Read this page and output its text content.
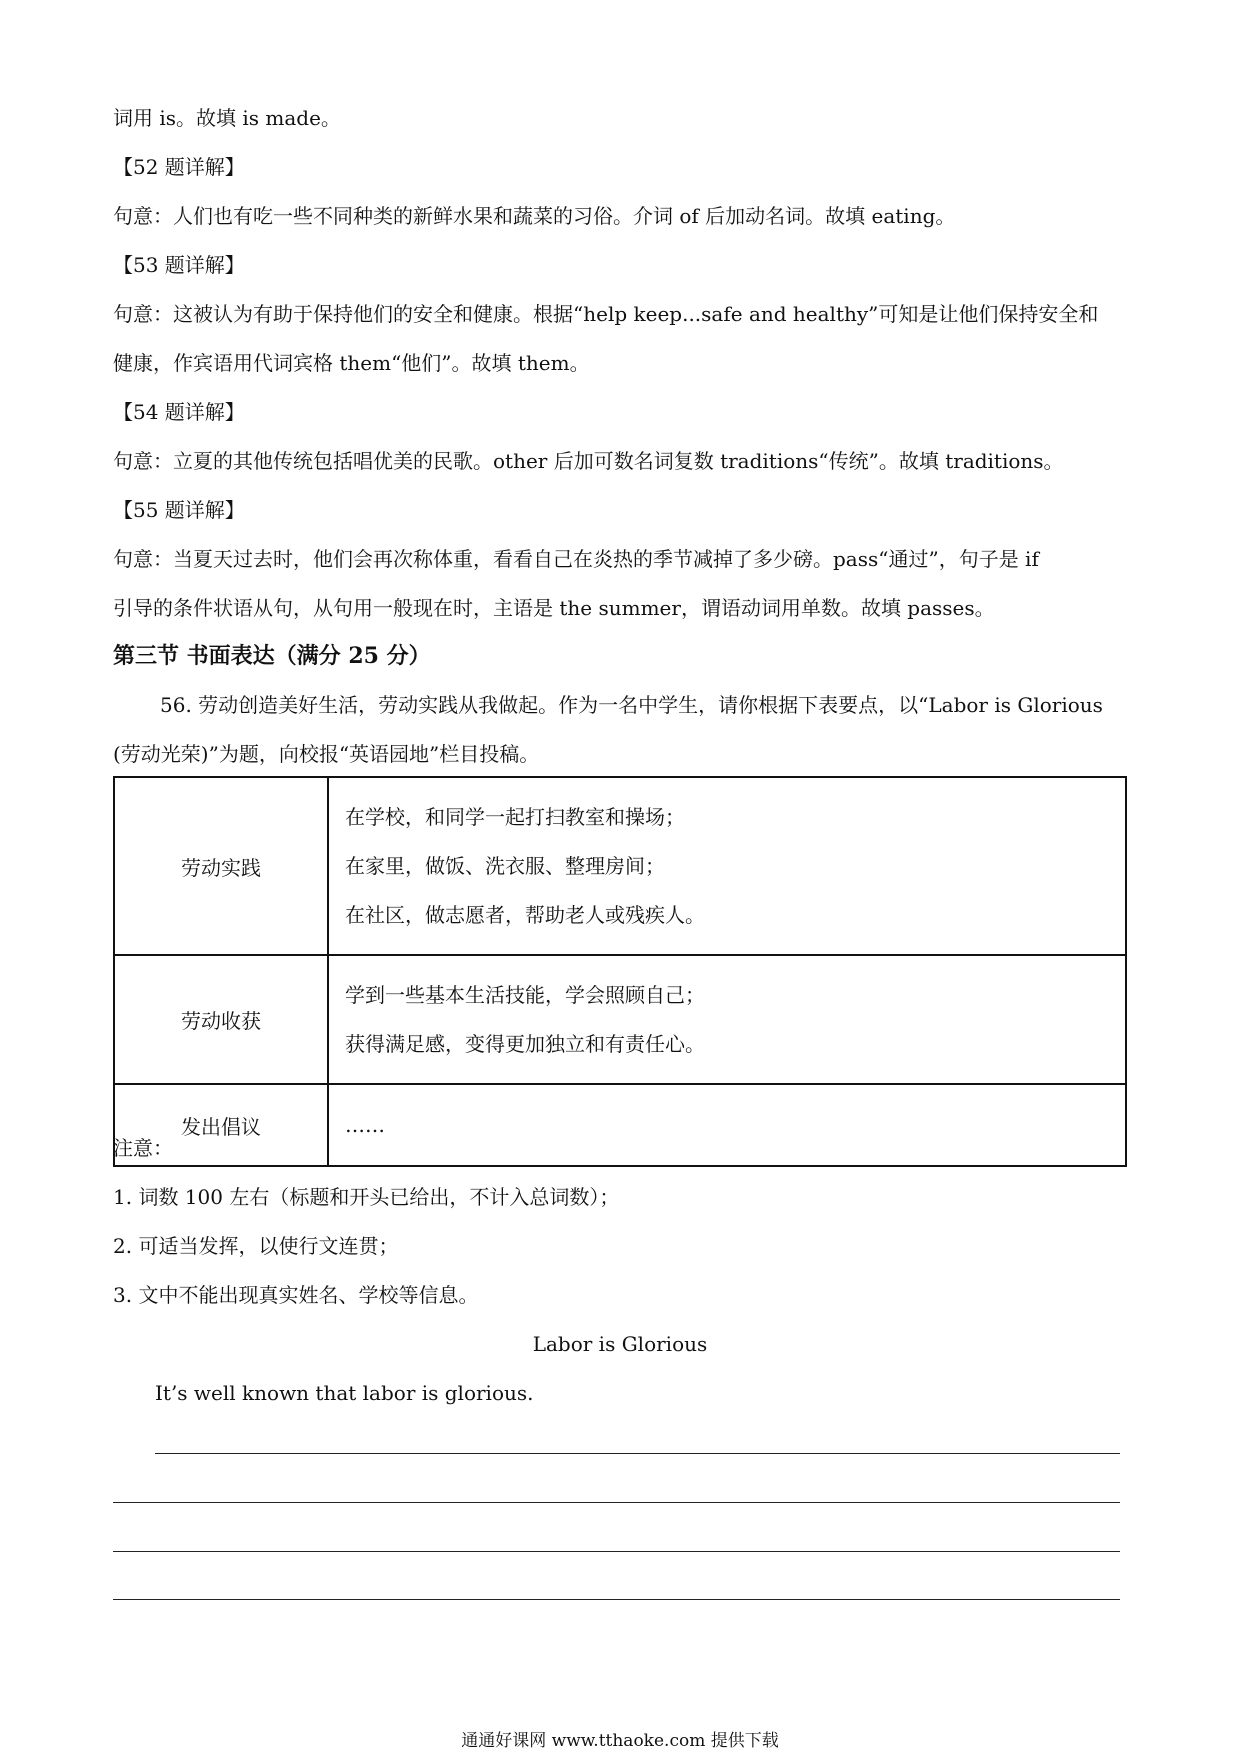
词用 is。故填 is made。
【52 题详解】
句意：人们也有吃一些不同种类的新鲜水果和蔬菜的习俗。介词 of 后加动名词。故填 eating。
【53 题详解】
句意：这被认为有助于保持他们的安全和健康。根据“help keep...safe and healthy”可知是让他们保持安全和
健康，作宾语用代词宾格 them“他们”。故填 them。
【54 题详解】
句意：立夏的其他传统包括唱优美的民歌。other 后加可数名词复数 traditions“传统”。故填 traditions。
【55 题详解】
句意：当夏天过去时，他们会再次称体重，看看自己在炎热的季节减掉了多少磅。pass“通过”，句子是 if
引导的条件状语从句，从句用一般现在时，主语是 the summer，谓语动词用单数。故填 passes。
第三节 书面表达（满分 25 分）
56. 劳动创造美好生活，劳动实践从我做起。作为一名中学生，请你根据下表要点，以“Labor is Glorious
(劳动光荣)”为题，向校报“英语园地”栏目投稿。
劳动实践	在学校，和同学一起打扫教室和操场；
在家里，做饭、洗衣服、整理房间；
在社区，做志愿者，帮助老人或残疾人。

劳动收获	学到一些基本生活技能，学会照顾自己；
获得满足感，变得更加独立和有责任心。

发出倡议	……
注意：
1. 词数 100 左右（标题和开头已给出，不计入总词数）；
2. 可适当发挥，以使行文连贯；
3. 文中不能出现真实姓名、学校等信息。
Labor is Glorious
It’s well known that labor is glorious.
通通好课网 www.tthaoke.com 提供下载
